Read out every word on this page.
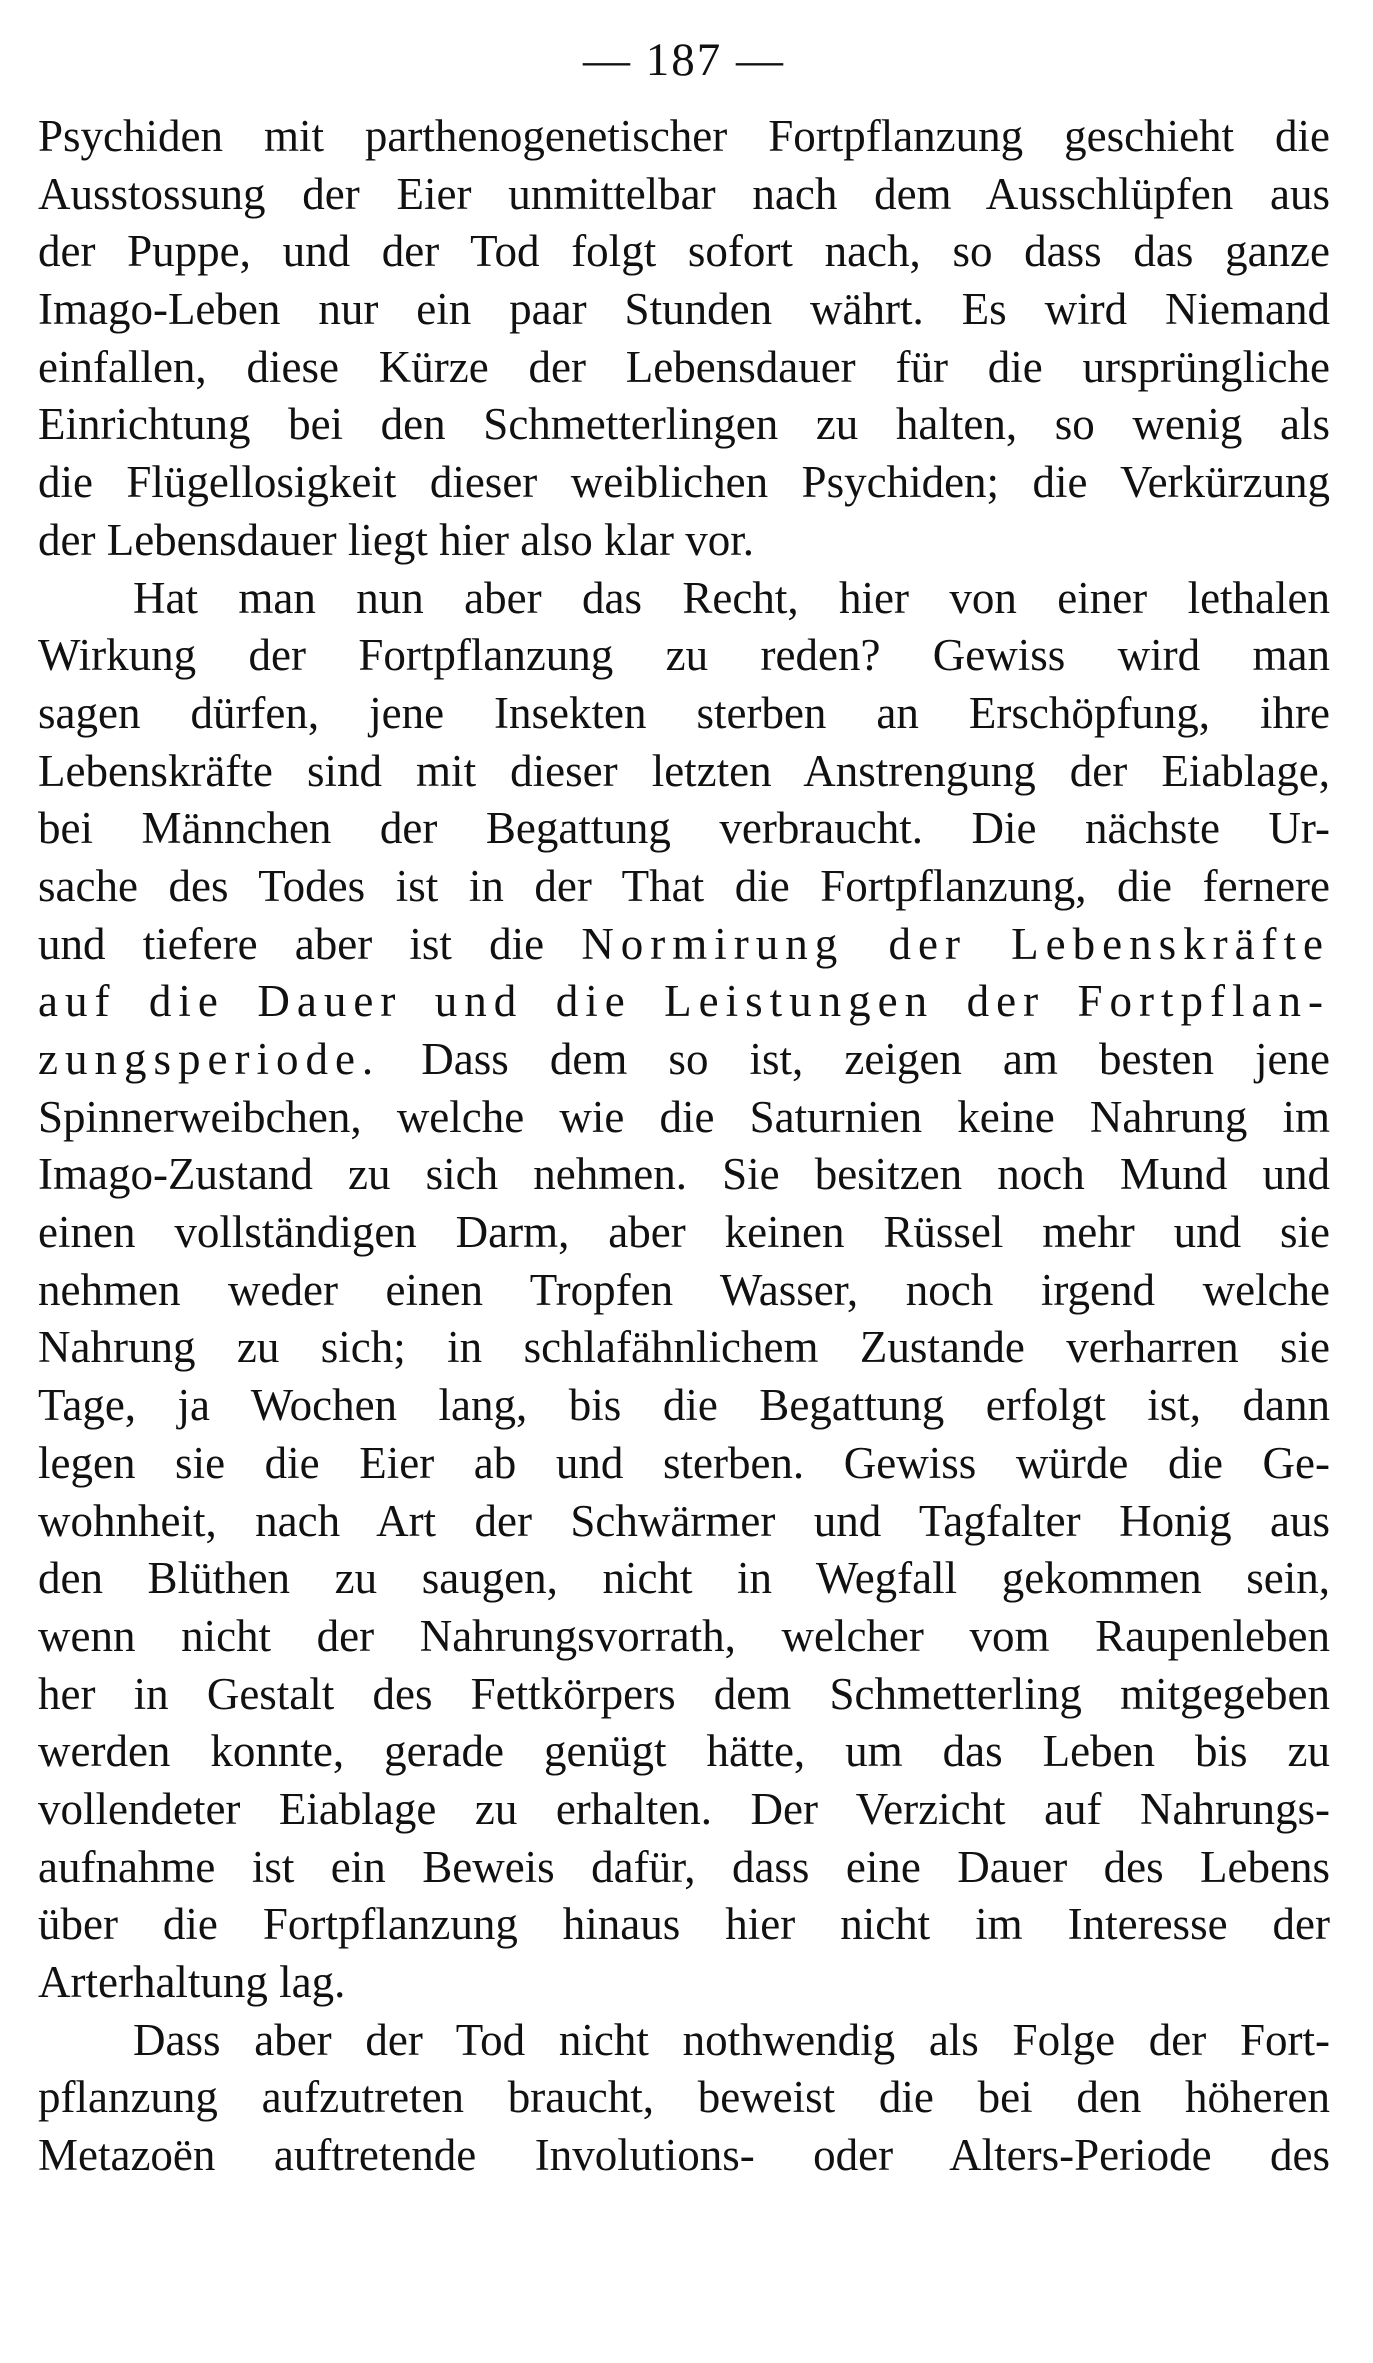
— 187 —
Psychiden mit parthenogenetischer Fortpflanzung geschieht die
Ausstossung der Eier unmittelbar nach dem Ausschlüpfen aus
der Puppe, und der Tod folgt sofort nach, so dass das ganze
Imago-Leben nur ein paar Stunden währt. Es wird Niemand
einfallen, diese Kürze der Lebensdauer für die ursprüngliche
Einrichtung bei den Schmetterlingen zu halten, so wenig als
die Flügellosigkeit dieser weiblichen Psychiden; die Verkürzung
der Lebensdauer liegt hier also klar vor.
Hat man nun aber das Recht, hier von einer lethalen
Wirkung der Fortpflanzung zu reden? Gewiss wird man
sagen dürfen, jene Insekten sterben an Erschöpfung, ihre
Lebenskräfte sind mit dieser letzten Anstrengung der Eiablage,
bei Männchen der Begattung verbraucht. Die nächste Ur-
sache des Todes ist in der That die Fortpflanzung, die fernere
und tiefere aber ist die Normirung der Lebenskräfte
auf die Dauer und die Leistungen der Fortpflan-
zungsperiode. Dass dem so ist, zeigen am besten jene
Spinnerweibchen, welche wie die Saturnien keine Nahrung im
Imago-Zustand zu sich nehmen. Sie besitzen noch Mund und
einen vollständigen Darm, aber keinen Rüssel mehr und sie
nehmen weder einen Tropfen Wasser, noch irgend welche
Nahrung zu sich; in schlafähnlichem Zustande verharren sie
Tage, ja Wochen lang, bis die Begattung erfolgt ist, dann
legen sie die Eier ab und sterben. Gewiss würde die Ge-
wohnheit, nach Art der Schwärmer und Tagfalter Honig aus
den Blüthen zu saugen, nicht in Wegfall gekommen sein,
wenn nicht der Nahrungsvorrath, welcher vom Raupenleben
her in Gestalt des Fettkörpers dem Schmetterling mitgegeben
werden konnte, gerade genügt hätte, um das Leben bis zu
vollendeter Eiablage zu erhalten. Der Verzicht auf Nahrungs-
aufnahme ist ein Beweis dafür, dass eine Dauer des Lebens
über die Fortpflanzung hinaus hier nicht im Interesse der
Arterhaltung lag.
Dass aber der Tod nicht nothwendig als Folge der Fort-
pflanzung aufzutreten braucht, beweist die bei den höheren
Metazoën auftretende Involutions- oder Alters-Periode des
